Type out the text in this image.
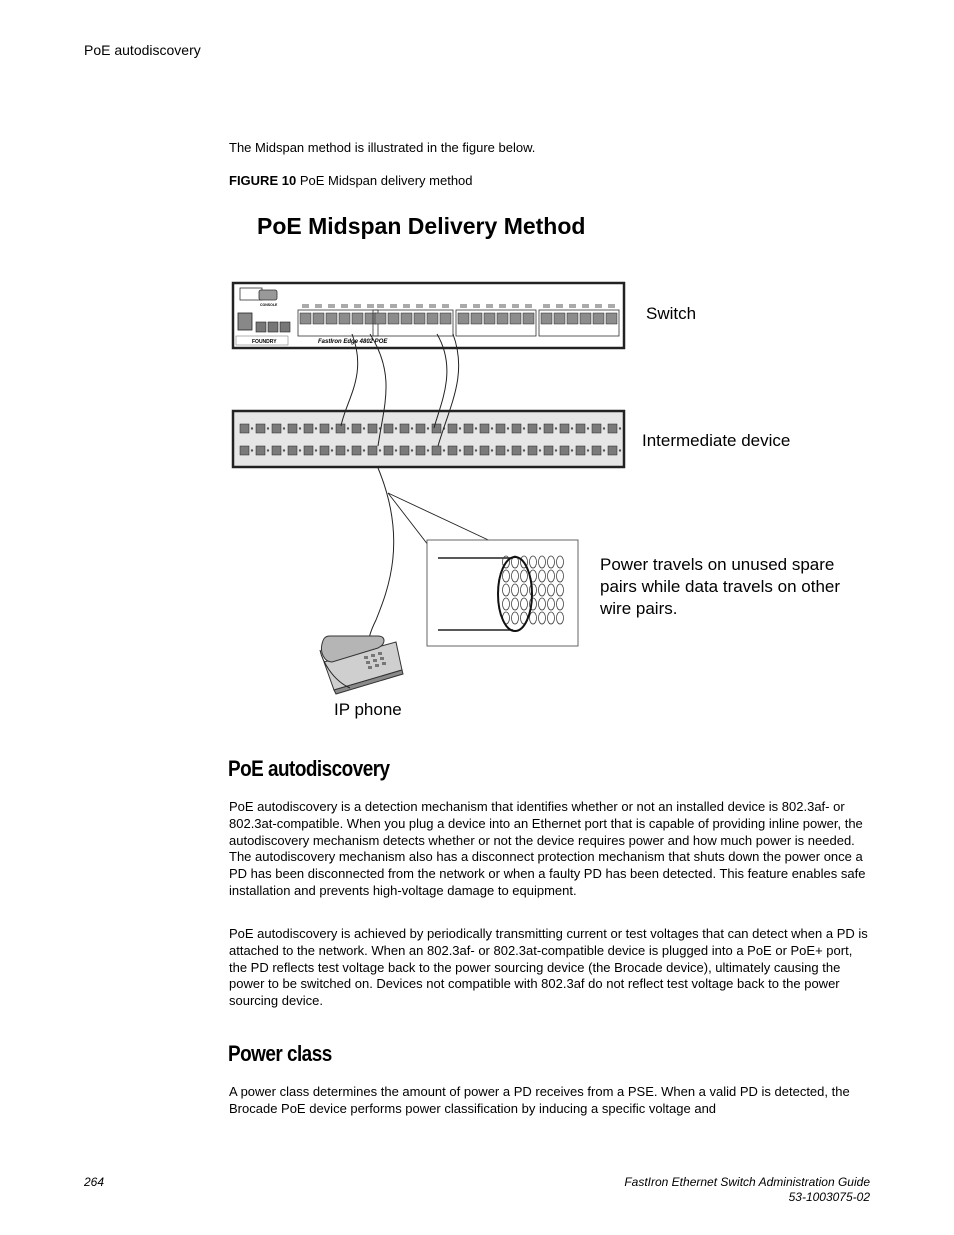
PoE autodiscovery
The Midspan method is illustrated in the figure below.
FIGURE 10 PoE Midspan delivery method
PoE Midspan Delivery Method
CONSOLE
FOUNDRY	FastIron Edge 4802 POE
Switch
Intermediate device
Power travels on unused spare
pairs while data travels on other
wire pairs.
IP phone
PoE autodiscovery

PoE autodiscovery is a detection mechanism that identifies whether or not an installed device is 802.3af- or 802.3at-compatible. When you plug a device into an Ethernet port that is capable of providing inline power, the autodiscovery mechanism detects whether or not the device requires power and how much power is needed. The autodiscovery mechanism also has a disconnect protection mechanism that shuts down the power once a PD has been disconnected from the network or when a faulty PD has been detected. This feature enables safe installation and prevents high-voltage damage to equipment.

PoE autodiscovery is achieved by periodically transmitting current or test voltages that can detect when a PD is attached to the network. When an 802.3af- or 802.3at-compatible device is plugged into a PoE or PoE+ port, the PD reflects test voltage back to the power sourcing device (the Brocade device), ultimately causing the power to be switched on. Devices not compatible with 802.3af do not reflect test voltage back to the power sourcing device.

Power class

A power class determines the amount of power a PD receives from a PSE. When a valid PD is detected, the Brocade PoE device performs power classification by inducing a specific voltage and

264	FastIron Ethernet Switch Administration Guide
53-1003075-02
